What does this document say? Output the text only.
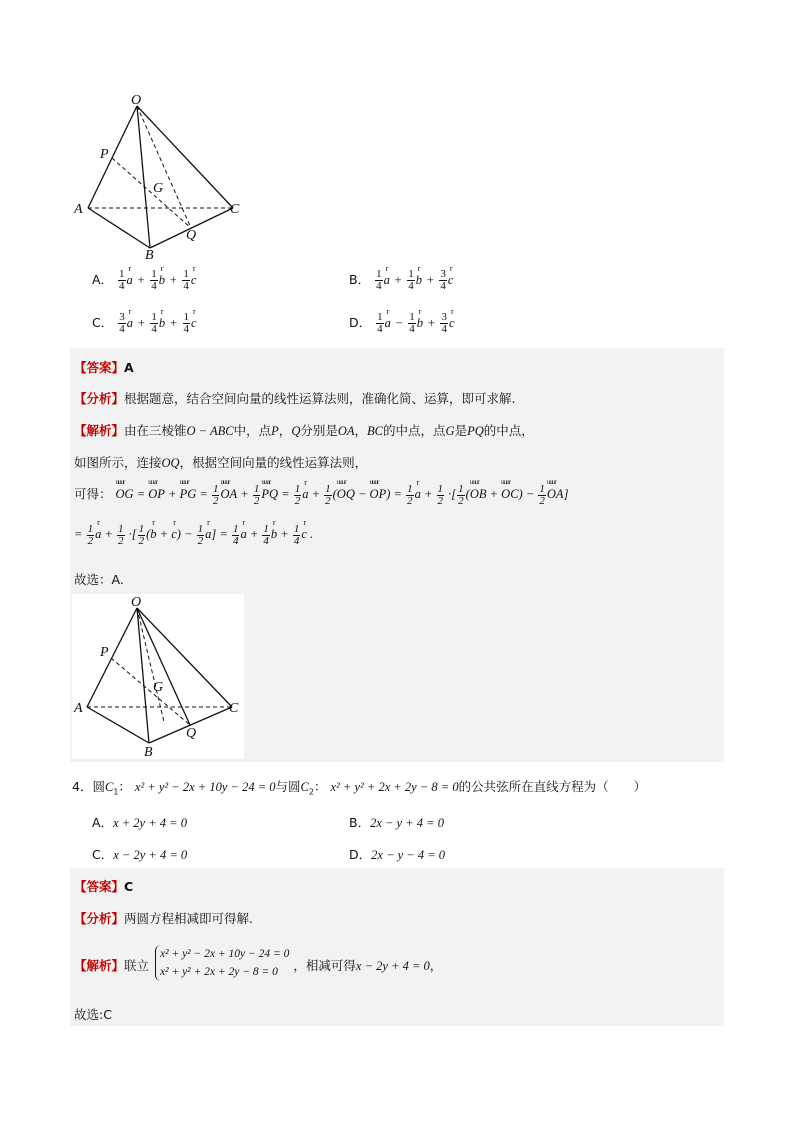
O
P
G
A	C
Q
B
A． $\frac{1}{4}$ r $a + \frac{1}{4}$ r $b + \frac{1}{4}$ r c	B． $\frac{1}{4}$ r $a + \frac{1}{4}$ r $b + \frac{3}{4}$ r c
C． $\frac{3}{4}$ r $a + \frac{1}{4}$ r $b + \frac{1}{4}$ r c	D． $\frac{1}{4}$ r $a - \frac{1}{4}$ r $b + \frac{3}{4}$ r c
【答案】A
【分析】根据题意，结合空间向量的线性运算法则，准确化简、运算，即可求解.
【解析】由在三棱锥O − ABC中，点P，Q分别是OA，BC的中点，点G是PQ的中点，
如图所示，连接OQ，根据空间向量的线性运算法则，
可得： uuur OG = uuur OP + uuur PG = $\frac{1}{2}$ uuur OA + $\frac{1}{2}$ uuur PQ = $\frac{1}{2}$ r $a + \frac{1}{2}$ (uuur OQ − uuur $OP) = \frac{1}{2}$ r $a + \frac{1}{2}$ ·[ $\frac{1}{2}$ (uuur OB + uuur $OC) - \frac{1}{2}$ uuur OA]
= $\frac{1}{2}$ r $a + \frac{1}{2}$ ·[ $\frac{1}{2} (r$ b + r $c) - \frac{1}{2}$ r $a] = \frac{1}{4}$ r $a + \frac{1}{4}$ r $b + \frac{1}{4}$ r c .
故选：A.
O
P
G
A	C
Q
B
4．圆$C_1$： x² + y² − 2x + 10y − 24 = 0与圆$C_2$： x² + y² + 2x + 2y − 8 = 0的公共弦所在直线方程为（　　）
A．x + 2y + 4 = 0	B．2x − y + 4 = 0
C．x − 2y + 4 = 0	D．2x − y − 4 = 0
【答案】C
【分析】两圆方程相减即可得解.
【解析】联立
x² + y² − 2x + 10y − 24 = 0
x² + y² + 2x + 2y − 8 = 0	，相减可得x − 2y + 4 = 0，
故选:C
